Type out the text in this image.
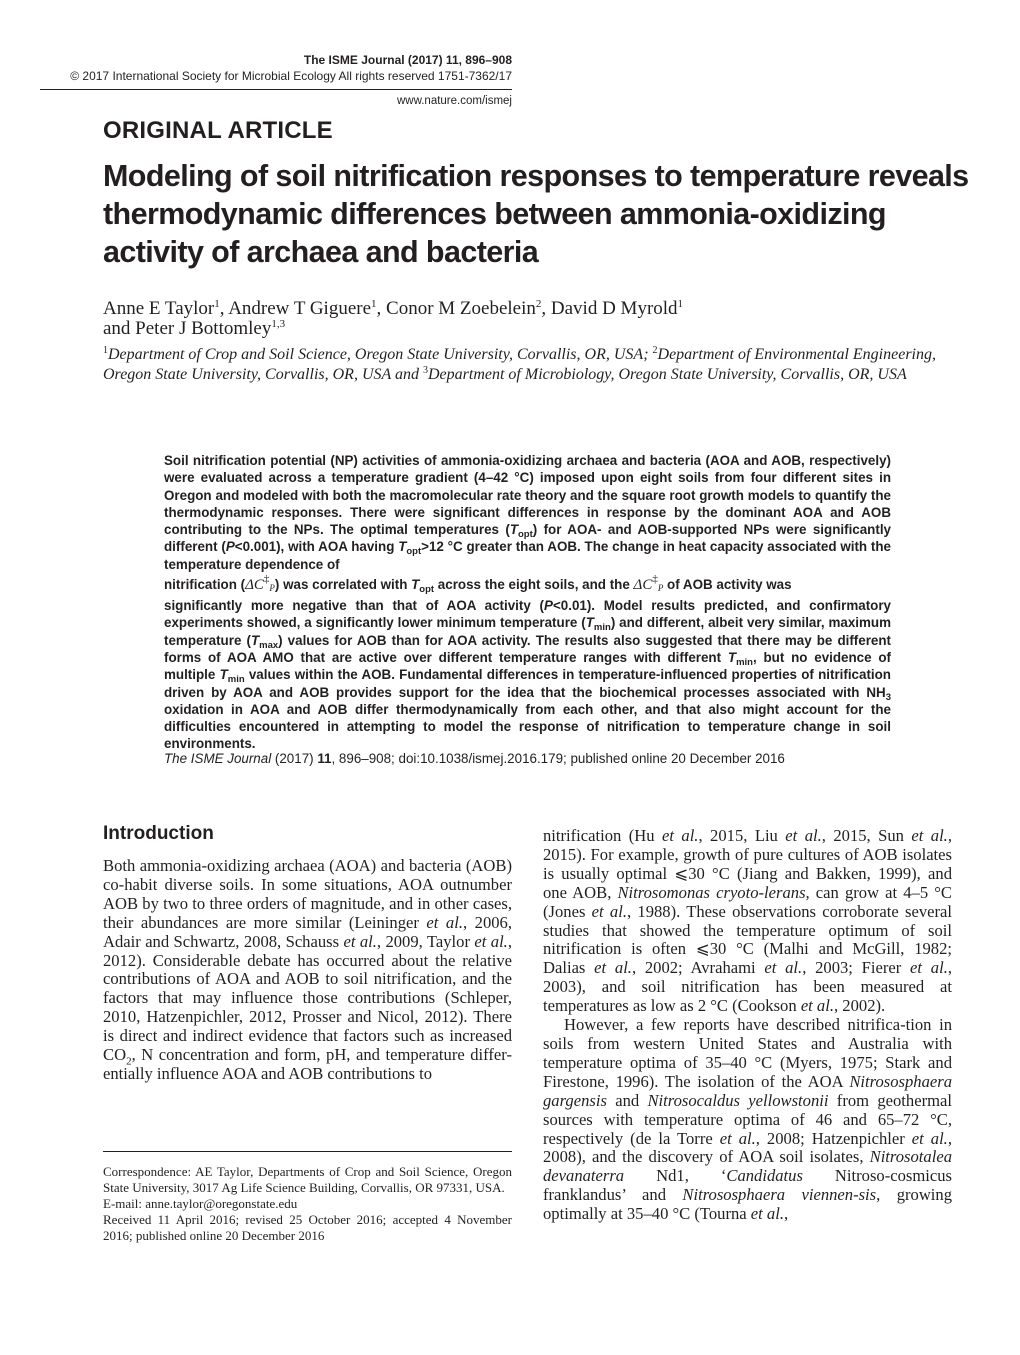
The ISME Journal (2017) 11, 896–908
© 2017 International Society for Microbial Ecology All rights reserved 1751-7362/17
www.nature.com/ismej
ORIGINAL ARTICLE
Modeling of soil nitrification responses to temperature reveals thermodynamic differences between ammonia-oxidizing activity of archaea and bacteria
Anne E Taylor$^1$, Andrew T Giguere$^1$, Conor M Zoebelein$^2$, David D Myrold$^1$
and Peter J Bottomley$^{1,3}$
$^1$Department of Crop and Soil Science, Oregon State University, Corvallis, OR, USA; $^2$Department of Environmental Engineering, Oregon State University, Corvallis, OR, USA and $^3$Department of Microbiology, Oregon State University, Corvallis, OR, USA
Soil nitrification potential (NP) activities of ammonia-oxidizing archaea and bacteria (AOA and AOB, respectively) were evaluated across a temperature gradient (4–42 °C) imposed upon eight soils from four different sites in Oregon and modeled with both the macromolecular rate theory and the square root growth models to quantify the thermodynamic responses. There were significant differences in response by the dominant AOA and AOB contributing to the NPs. The optimal temperatures $(T_{opt})$ for AOA- and AOB-supported NPs were significantly different (P<0.001), with AOA having $T_{opt}>12$ °C greater than AOB. The change in heat capacity associated with the temperature dependence of
nitrification (ΔC‡P) was correlated with $T_{opt}$ across the eight soils, and the ΔC‡P of AOB activity was
significantly more negative than that of AOA activity (P<0.01). Model results predicted, and confirmatory experiments showed, a significantly lower minimum temperature $(T_{min})$ and different, albeit very similar, maximum temperature $(T_{max})$ values for AOB than for AOA activity. The results also suggested that there may be different forms of AOA AMO that are active over different temperature ranges with different $T_{min}$, but no evidence of multiple $T_{min}$ values within the AOB. Fundamental differences in temperature-influenced properties of nitrification driven by AOA and AOB provides support for the idea that the biochemical processes associated with $NH_3$ oxidation in AOA and AOB differ thermodynamically from each other, and that also might account for the difficulties encountered in attempting to model the response of nitrification to temperature change in soil environments.
The ISME Journal (2017) 11, 896–908; doi:10.1038/ismej.2016.179; published online 20 December 2016
Introduction

Both ammonia-oxidizing archaea (AOA) and bacteria (AOB) co-habit diverse soils. In some situations, AOA outnumber AOB by two to three orders of magnitude, and in other cases, their abundances are more similar (Leininger et al., 2006, Adair and Schwartz, 2008, Schauss et al., 2009, Taylor et al., 2012). Considerable debate has occurred about the relative contributions of AOA and AOB to soil nitrification, and the factors that may influence those contributions (Schleper, 2010, Hatzenpichler, 2012, Prosser and Nicol, 2012). There is direct and indirect evidence that factors such as increased $CO_2$, N concentration and form, pH, and temperature differ-entially influence AOA and AOB contributions to

nitrification (Hu et al., 2015, Liu et al., 2015, Sun et al., 2015). For example, growth of pure cultures of AOB isolates is usually optimal ⩽30 °C (Jiang and Bakken, 1999), and one AOB, Nitrosomonas cryoto-lerans, can grow at 4–5 °C (Jones et al., 1988). These observations corroborate several studies that showed the temperature optimum of soil nitrification is often ⩽30 °C (Malhi and McGill, 1982; Dalias et al., 2002; Avrahami et al., 2003; Fierer et al., 2003), and soil nitrification has been measured at temperatures as low as 2 °C (Cookson et al., 2002).

However, a few reports have described nitrifica-tion in soils from western United States and Australia with temperature optima of 35–40 °C (Myers, 1975; Stark and Firestone, 1996). The isolation of the AOA Nitrososphaera gargensis and Nitrosocaldus yellowstonii from geothermal sources with temperature optima of 46 and 65–72 °C, respectively (de la Torre et al., 2008; Hatzenpichler et al., 2008), and the discovery of AOA soil isolates, Nitrosotalea devanaterra Nd1, ‘Candidatus Nitroso-cosmicus franklandus’ and Nitrososphaera viennen-sis, growing optimally at 35–40 °C (Tourna et al.,

Correspondence: AE Taylor, Departments of Crop and Soil Science, Oregon State University, 3017 Ag Life Science Building, Corvallis, OR 97331, USA.

E-mail: anne.taylor@oregonstate.edu

Received 11 April 2016; revised 25 October 2016; accepted 4 November 2016; published online 20 December 2016
